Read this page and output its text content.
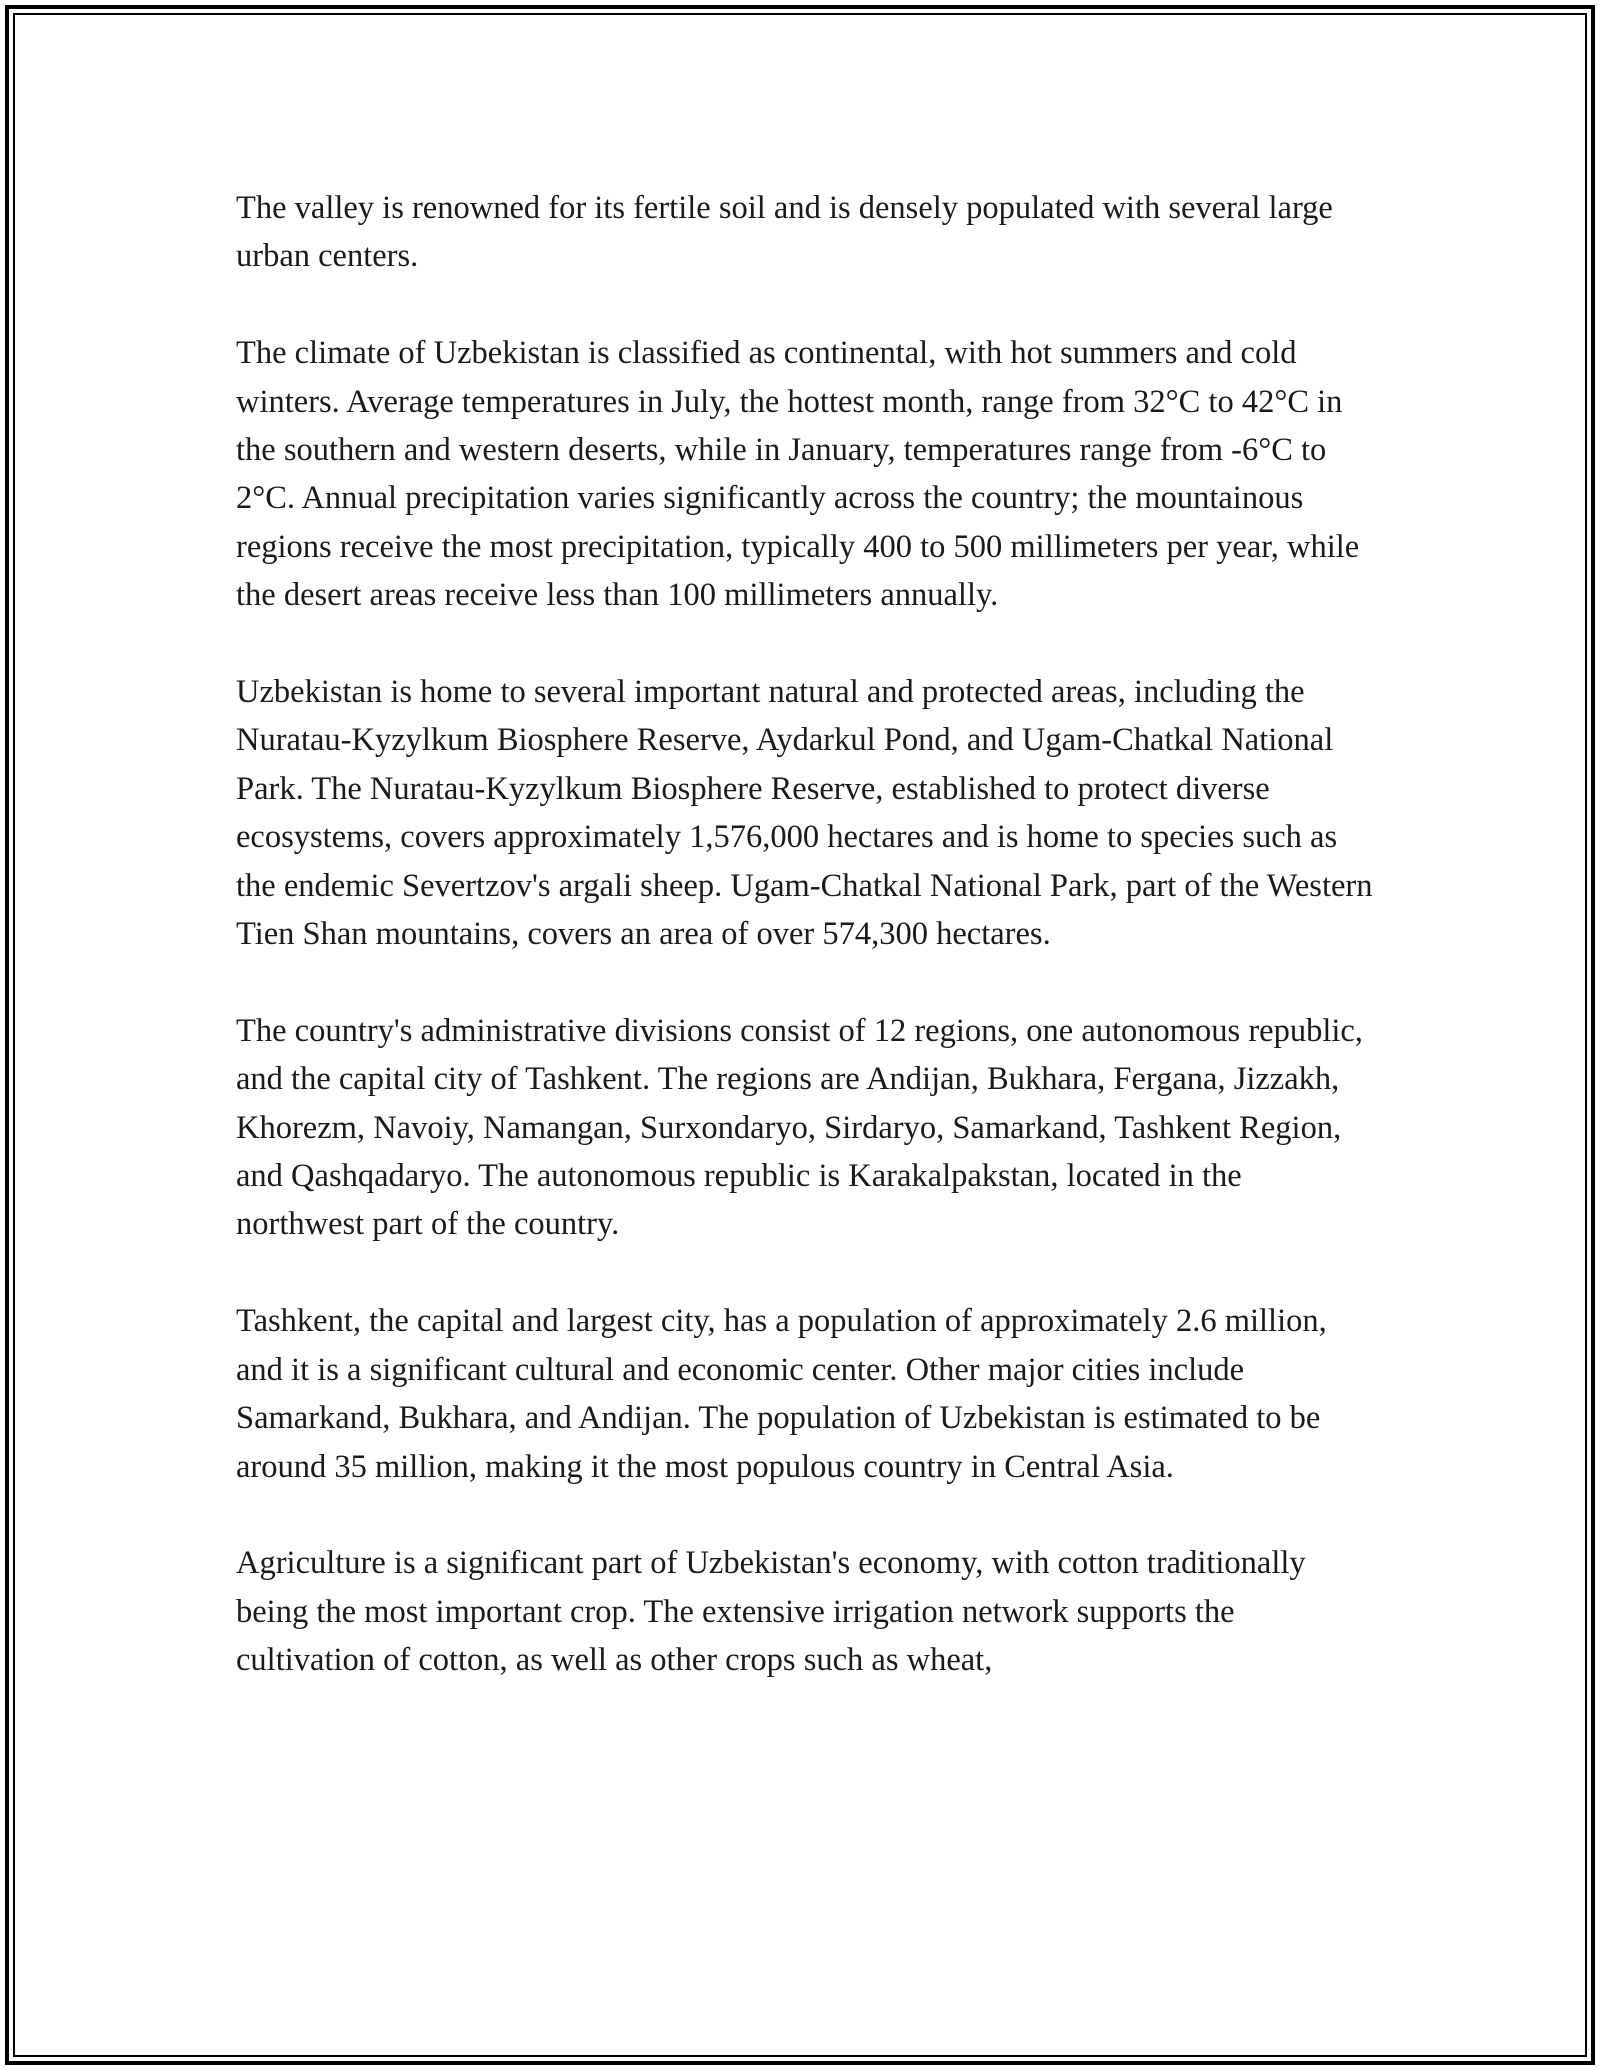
The valley is renowned for its fertile soil and is densely populated with several large urban centers.

The climate of Uzbekistan is classified as continental, with hot summers and cold winters. Average temperatures in July, the hottest month, range from 32°C to 42°C in the southern and western deserts, while in January, temperatures range from -6°C to 2°C. Annual precipitation varies significantly across the country; the mountainous regions receive the most precipitation, typically 400 to 500 millimeters per year, while the desert areas receive less than 100 millimeters annually.

Uzbekistan is home to several important natural and protected areas, including the Nuratau-Kyzylkum Biosphere Reserve, Aydarkul Pond, and Ugam-Chatkal National Park. The Nuratau-Kyzylkum Biosphere Reserve, established to protect diverse ecosystems, covers approximately 1,576,000 hectares and is home to species such as the endemic Severtzov's argali sheep. Ugam-Chatkal National Park, part of the Western Tien Shan mountains, covers an area of over 574,300 hectares.

The country's administrative divisions consist of 12 regions, one autonomous republic, and the capital city of Tashkent. The regions are Andijan, Bukhara, Fergana, Jizzakh, Khorezm, Navoiy, Namangan, Surxondaryo, Sirdaryo, Samarkand, Tashkent Region, and Qashqadaryo. The autonomous republic is Karakalpakstan, located in the northwest part of the country.

Tashkent, the capital and largest city, has a population of approximately 2.6 million, and it is a significant cultural and economic center. Other major cities include Samarkand, Bukhara, and Andijan. The population of Uzbekistan is estimated to be around 35 million, making it the most populous country in Central Asia.

Agriculture is a significant part of Uzbekistan's economy, with cotton traditionally being the most important crop. The extensive irrigation network supports the cultivation of cotton, as well as other crops such as wheat,
